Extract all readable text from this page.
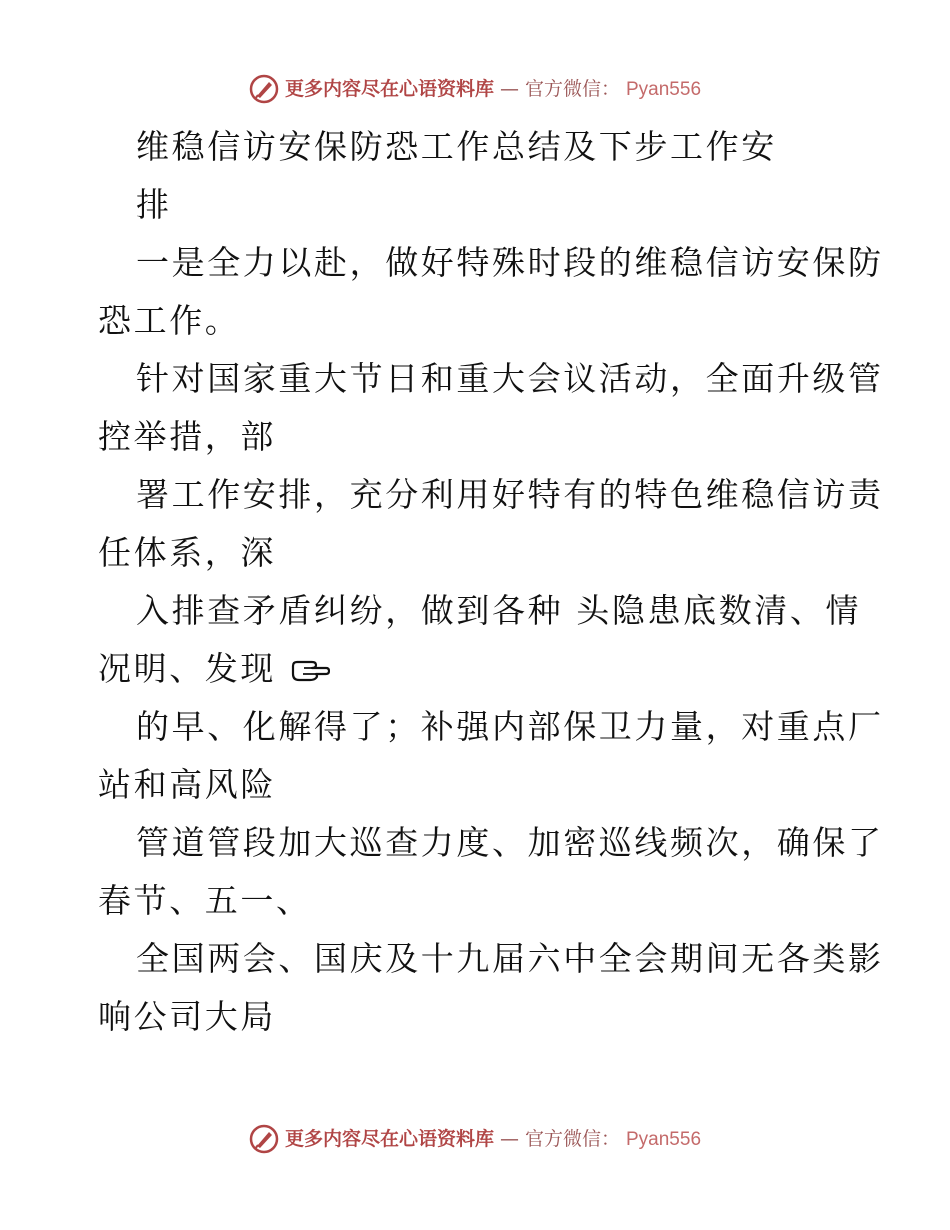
更多内容尽在心语资料库 — 官方微信： Pyan556
维稳信访安保防恐工作总结及下步工作安
排
一是全力以赴，做好特殊时段的维稳信访安保防
恐工作。
针对国家重大节日和重大会议活动，全面升级管
控举措，部
署工作安排，充分利用好特有的特色维稳信访责
任体系，深
入排查矛盾纠纷，做到各种 头隐患底数清、情
况明、发现
的早、化解得了；补强内部保卫力量，对重点厂
站和高风险
管道管段加大巡查力度、加密巡线频次，确保了
春节、五一、
全国两会、国庆及十九届六中全会期间无各类影
响公司大局
更多内容尽在心语资料库 — 官方微信： Pyan556
